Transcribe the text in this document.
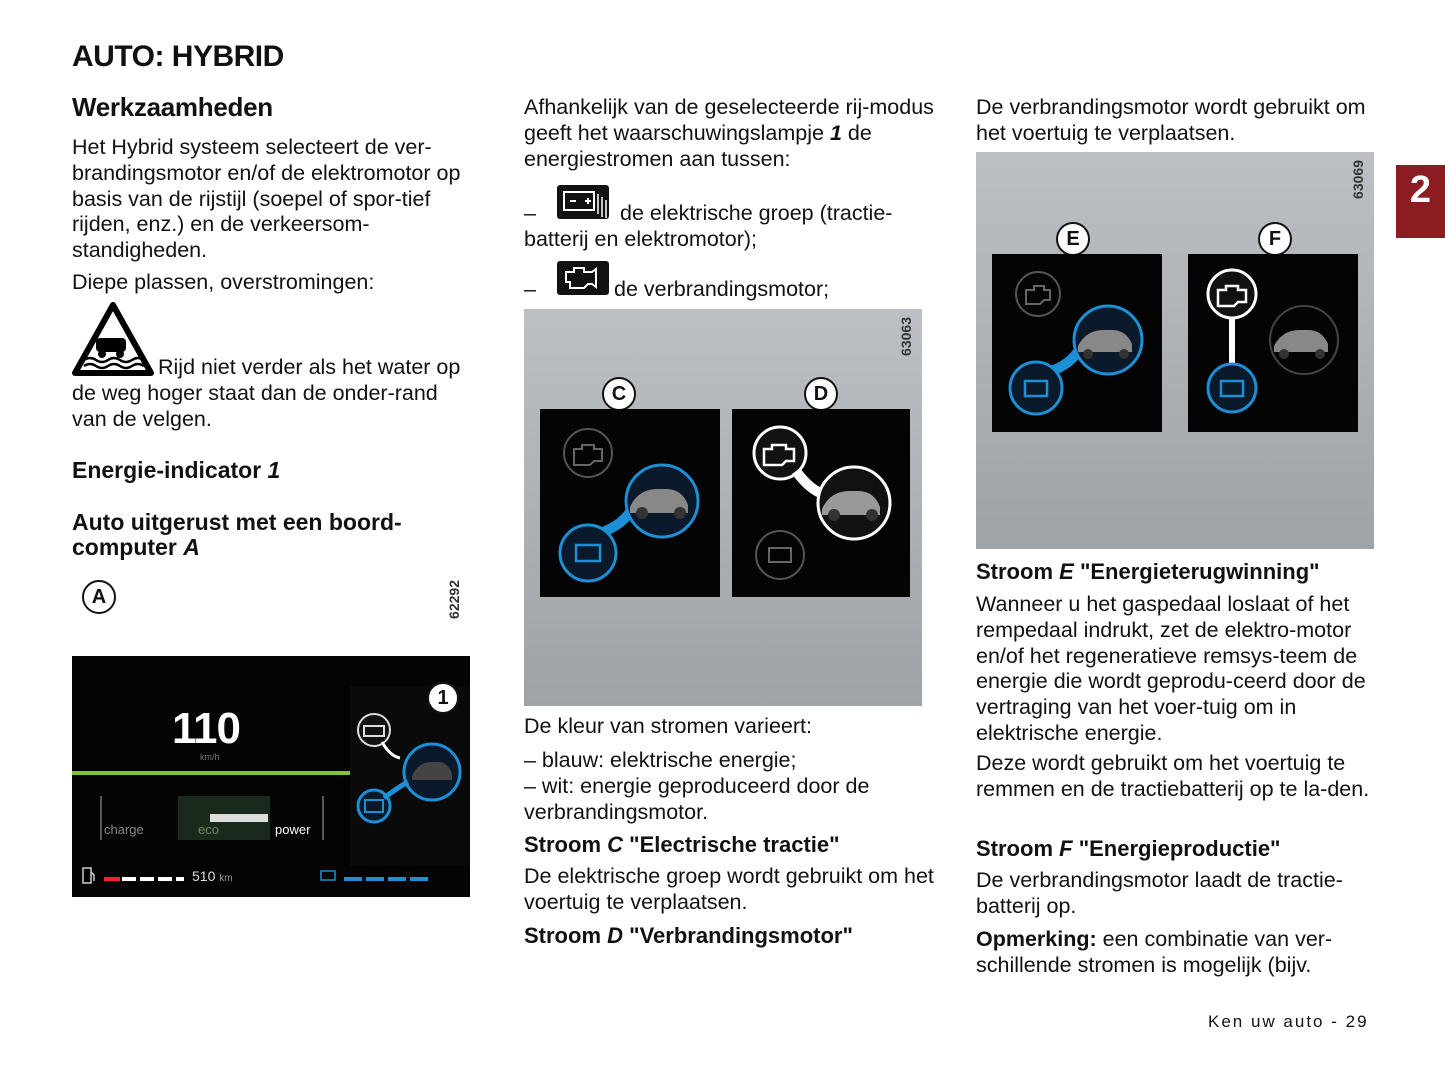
AUTO: HYBRID
2
Ken uw auto - 29
Werkzaamheden
Het Hybrid systeem selecteert de ver-brandingsmotor en/of de elektromotor op basis van de rijstijl (soepel of spor-tief rijden, enz.) en de verkeersom-standigheden.
Diepe plassen, overstromingen:
Rijd niet verder als het water op de weg hoger staat dan de onder-rand van de velgen.
Energie-indicator 1
Auto uitgerust met een boord-computer A
A	62292
110
km/h
charge	eco	power
510 km
1
Afhankelijk van de geselecteerde rij-modus geeft het waarschuwingslampje 1 de energiestromen aan tussen:
–	de elektrische groep (tractie-batterij en elektromotor);
–	de verbrandingsmotor;
63063
C	D
De kleur van stromen varieert:
– blauw: elektrische energie;
– wit: energie geproduceerd door de verbrandingsmotor.
Stroom C "Electrische tractie"
De elektrische groep wordt gebruikt om het voertuig te verplaatsen.
Stroom D "Verbrandingsmotor"
De verbrandingsmotor wordt gebruikt om het voertuig te verplaatsen.
63069
E	F
Stroom E "Energieterugwinning"
Wanneer u het gaspedaal loslaat of het rempedaal indrukt, zet de elektro-motor en/of het regeneratieve remsys-teem de energie die wordt geprodu-ceerd door de vertraging van het voer-tuig om in elektrische energie.
Deze wordt gebruikt om het voertuig te remmen en de tractiebatterij op te la-den.
Stroom F "Energieproductie"
De verbrandingsmotor laadt de tractie-batterij op.
Opmerking: een combinatie van ver-schillende stromen is mogelijk (bijv.
